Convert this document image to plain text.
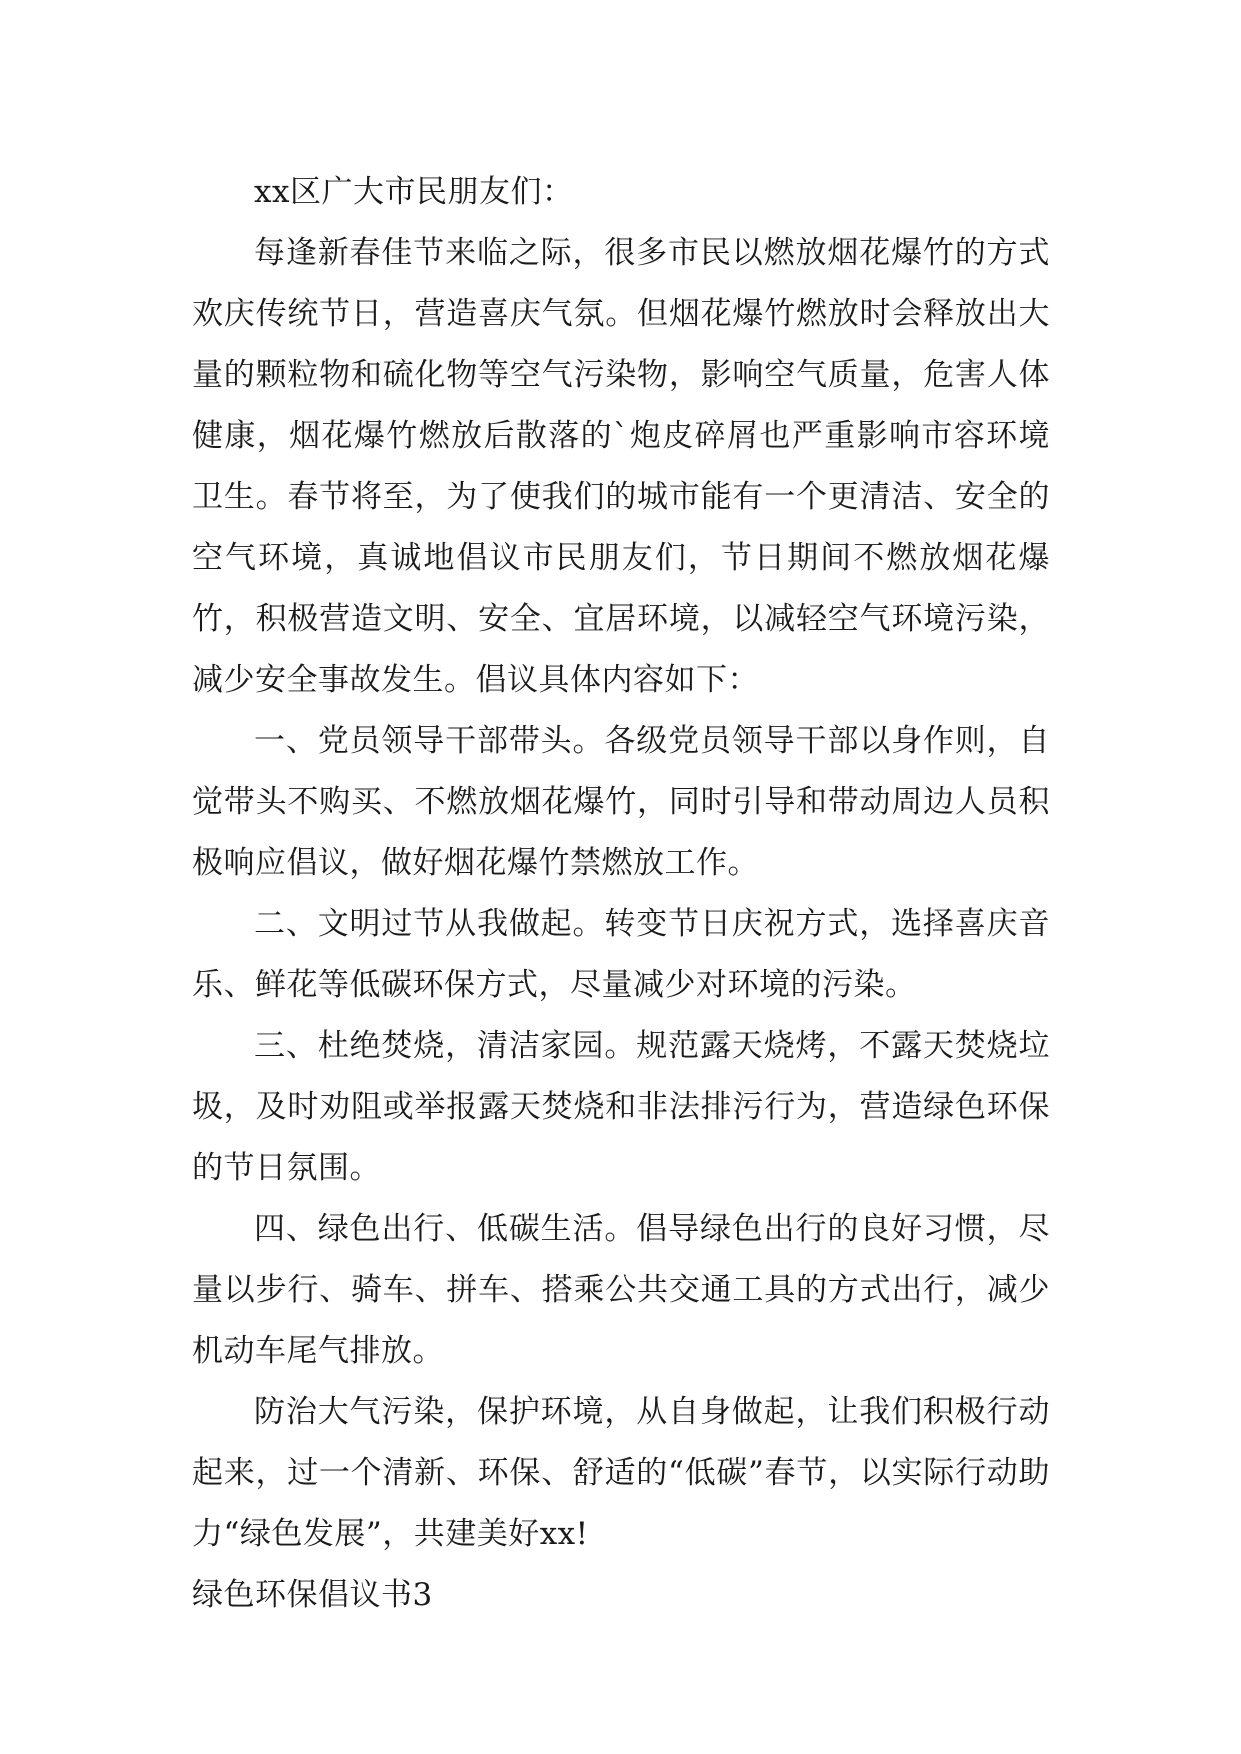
xx区广大市民朋友们：

每逢新春佳节来临之际，很多市民以燃放烟花爆竹的方式欢庆传统节日，营造喜庆气氛。但烟花爆竹燃放时会释放出大量的颗粒物和硫化物等空气污染物，影响空气质量，危害人体健康，烟花爆竹燃放后散落的`炮皮碎屑也严重影响市容环境卫生。春节将至，为了使我们的城市能有一个更清洁、安全的空气环境，真诚地倡议市民朋友们，节日期间不燃放烟花爆竹，积极营造文明、安全、宜居环境，以减轻空气环境污染，减少安全事故发生。倡议具体内容如下：

一、党员领导干部带头。各级党员领导干部以身作则，自觉带头不购买、不燃放烟花爆竹，同时引导和带动周边人员积极响应倡议，做好烟花爆竹禁燃放工作。

二、文明过节从我做起。转变节日庆祝方式，选择喜庆音乐、鲜花等低碳环保方式，尽量减少对环境的污染。

三、杜绝焚烧，清洁家园。规范露天烧烤，不露天焚烧垃圾，及时劝阻或举报露天焚烧和非法排污行为，营造绿色环保的节日氛围。

四、绿色出行、低碳生活。倡导绿色出行的良好习惯，尽量以步行、骑车、拼车、搭乘公共交通工具的方式出行，减少机动车尾气排放。

防治大气污染，保护环境，从自身做起，让我们积极行动起来，过一个清新、环保、舒适的“低碳”春节，以实际行动助力“绿色发展”，共建美好xx!

绿色环保倡议书3
